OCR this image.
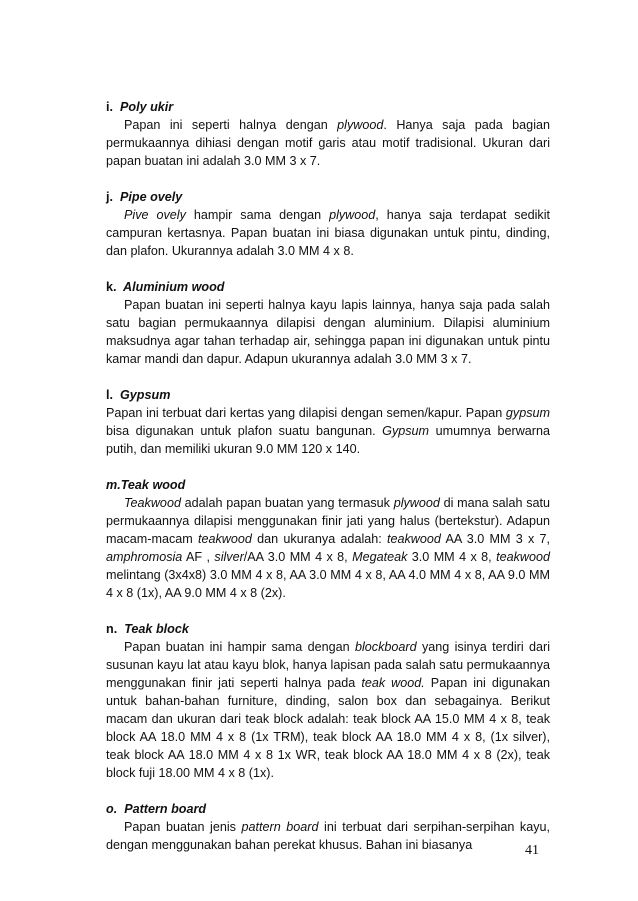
i. Poly ukir

Papan ini seperti halnya dengan plywood. Hanya saja pada bagian permukaannya dihiasi dengan motif garis atau motif tradisional. Ukuran dari papan buatan ini adalah 3.0 MM 3 x 7.

j. Pipe ovely

Pive ovely hampir sama dengan plywood, hanya saja terdapat sedikit campuran kertasnya. Papan buatan ini biasa digunakan untuk pintu, dinding, dan plafon. Ukurannya adalah 3.0 MM 4 x 8.

k. Aluminium wood

Papan buatan ini seperti halnya kayu lapis lainnya, hanya saja pada salah satu bagian permukaannya dilapisi dengan aluminium. Dilapisi aluminium maksudnya agar tahan terhadap air, sehingga papan ini digunakan untuk pintu kamar mandi dan dapur. Adapun ukurannya adalah 3.0 MM 3 x 7.

l. Gypsum

Papan ini terbuat dari kertas yang dilapisi dengan semen/kapur. Papan gypsum bisa digunakan untuk plafon suatu bangunan. Gypsum umumnya berwarna putih, dan memiliki ukuran 9.0 MM 120 x 140.

m.Teak wood

Teakwood adalah papan buatan yang termasuk plywood di mana salah satu permukaannya dilapisi menggunakan finir jati yang halus (bertekstur). Adapun macam-macam teakwood dan ukuranya adalah: teakwood AA 3.0 MM 3 x 7, amphromosia AF , silver/AA 3.0 MM 4 x 8, Megateak 3.0 MM 4 x 8, teakwood melintang (3x4x8) 3.0 MM 4 x 8, AA 3.0 MM 4 x 8, AA 4.0 MM 4 x 8, AA 9.0 MM 4 x 8 (1x), AA 9.0 MM 4 x 8 (2x).

n. Teak block

Papan buatan ini hampir sama dengan blockboard yang isinya terdiri dari susunan kayu lat atau kayu blok, hanya lapisan pada salah satu permukaannya menggunakan finir jati seperti halnya pada teak wood. Papan ini digunakan untuk bahan-bahan furniture, dinding, salon box dan sebagainya. Berikut macam dan ukuran dari teak block adalah: teak block AA 15.0 MM 4 x 8, teak block AA 18.0 MM 4 x 8 (1x TRM), teak block AA 18.0 MM 4 x 8, (1x silver), teak block AA 18.0 MM 4 x 8 1x WR, teak block AA 18.0 MM 4 x 8 (2x), teak block fuji 18.00 MM 4 x 8 (1x).

o. Pattern board

Papan buatan jenis pattern board ini terbuat dari serpihan-serpihan kayu, dengan menggunakan bahan perekat khusus. Bahan ini biasanya	41
